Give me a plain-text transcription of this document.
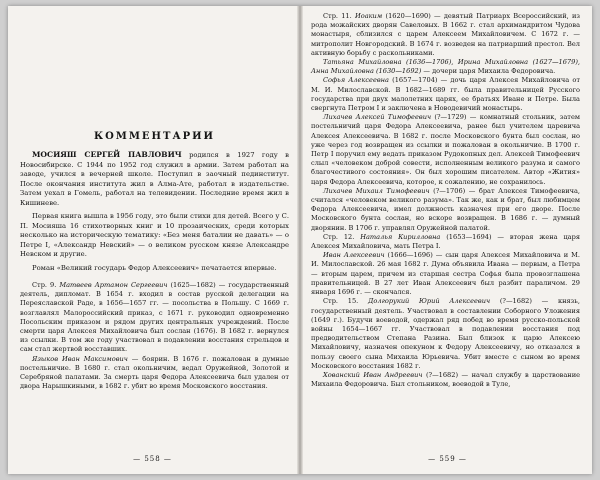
КОММЕНТАРИИ

МОСИЯШ СЕРГЕЙ ПАВЛОВИЧ родился в 1927 году в Новосибирске. С 1944 по 1952 год служил в армии. Затем работал на заводе, учился в вечерней школе. Поступил в заочный пединститут. После окончания института жил в Алма-Ате, работал в издательстве. Затем уехал в Гомель, работал на телевидении. Последние время жил в Кишиневе.

Первая книга вышла в 1956 году, это были стихи для детей. Всего у С. П. Мосияша 16 стихотворных книг и 10 прозаических, среди которых несколько на историческую тематику: «Без меня баталии не давать» — о Петре I, «Александр Невский» — о великом русском князе Александре Невском и другие.

Роман «Великий государь Федор Алексеевич» печатается впервые.

Стр. 9. Матвеев Артамон Сергеевич (1625—1682) — государственный деятель, дипломат. В 1654 г. входил в состав русской делегации на Переяславской Раде, в 1656—1657 гг. — посольства в Польшу. С 1669 г. возглавлял Малороссийский приказ, с 1671 г. руководил одновременно Посольским приказом и рядом других центральных учреждений. После смерти царя Алексея Михайловича был сослан (1676). В 1682 г. вернулся из ссылки. В том же году участвовал в подавлении восстания стрельцов и сам стал жертвой восставших.

Языков Иван Максимович — боярин. В 1676 г. пожалован в думные постельничие. В 1680 г. стал окольничим, ведал Оружейной, Золотой и Серебряной палатами. За смерть царя Федора Алексеевича был удален от двора Нарышкиными, в 1682 г. убит во время Московского восстания.

— 558 —

Стр. 11. Иоаким (1620—1690) — девятый Патриарх Всероссийский, из рода можайских дворян Савеловых. В 1662 г. стал архимандритом Чудова монастыря, сблизился с царем Алексеем Михайловичем. С 1672 г. — митрополит Новгородский. В 1674 г. возведен на патриарший престол. Вел активную борьбу с раскольниками.

Татьяна Михайловна (1636—1706), Ирина Михайловна (1627—1679), Анна Михайловна (1630—1692) — дочери царя Михаила Федоровича.

Софья Алексеевна (1657—1704) — дочь царя Алексея Михайловича от М. И. Милославской. В 1682—1689 гг. была правительницей Русского государства при двух малолетних царях, ее братьях Иване и Петре. Была свергнута Петром I и заключена в Новодевичий монастырь.

Лихачев Алексей Тимофеевич (?—1729) — комнатный стольник, затем постельничий царя Федора Алексеевича, ранее был учителем царевича Алексея Алексеевича. В 1682 г. после Московского бунта был сослан, но уже через год возвращен из ссылки и пожалован в окольничие. В 1700 г. Петр I поручил ему ведать приказом Рудокопных дел. Алексей Тимофеевич слыл «человеком доброй совести, исполненным великого разума и самого благочестивого состояния». Он был хорошим писателем. Автор «Жития» царя Федора Алексеевича, которое, к сожалению, не сохранилось.

Лихачев Михаил Тимофеевич (?—1706) — брат Алексея Тимофеевича, считался «человеком великого разума». Так же, как и брат, был любимцем Федора Алексеевича, имел должность казначея при его дворе. После Московского бунта сослан, но вскоре возвращен. В 1686 г. — думный дворянин. В 1706 г. управлял Оружейной палатой.

Стр. 12. Наталья Кирилловна (1653—1694) — вторая жена царя Алексея Михайловича, мать Петра I.

Иван Алексеевич (1666—1696) — сын царя Алексея Михайловича и М. И. Милославской. 26 мая 1682 г. Дума объявила Ивана — первым, а Петра — вторым царем, причем из старшая сестра Софья была провозглашена правительницей. В 27 лет Иван Алексеевич был разбит параличом. 29 января 1696 г. — скончался.

Стр. 15. Долгорукий Юрий Алексеевич (?—1682) — князь, государственный деятель. Участвовал в составлении Соборного Уложения (1649 г.). Будучи воеводой, одержал ряд побед во время русско-польской войны 1654—1667 гг. Участвовал в подавлении восстания под предводительством Степана Разина. Был близок к царю Алексею Михайловичу, назначен опекуном к Федору Алексеевичу, но отказался в пользу своего сына Михаила Юрьевича. Убит вместе с сыном во время Московского восстания 1682 г.

Хованский Иван Андреевич (?—1682) — начал службу в царствование Михаила Федоровича. Был стольником, воеводой в Туле,

— 559 —
